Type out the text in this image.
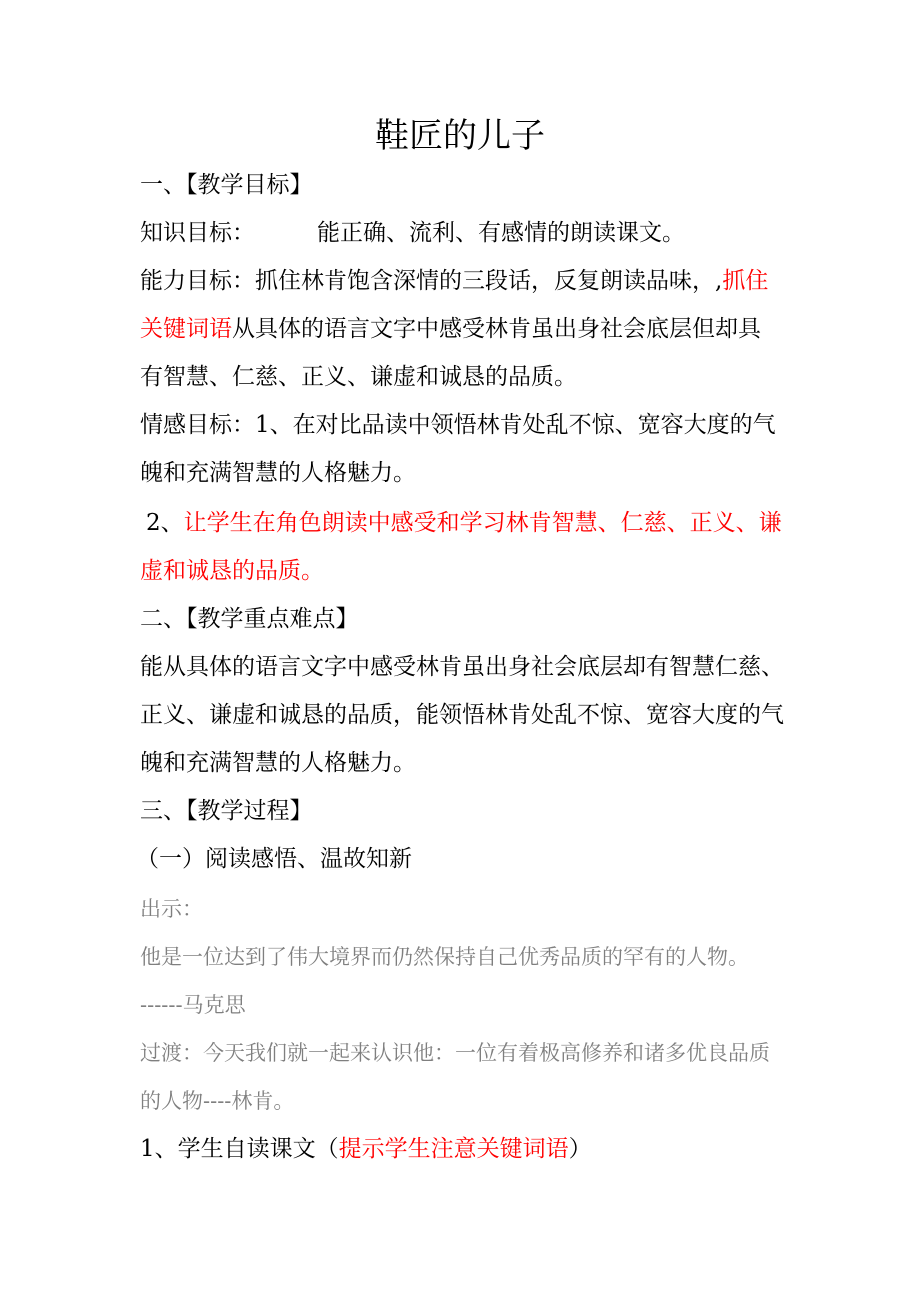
鞋匠的儿子
一、【教学目标】
知识目标：	能正确、流利、有感情的朗读课文。
能力目标：抓住林肯饱含深情的三段话，反复朗读品味，,抓住
关键词语从具体的语言文字中感受林肯虽出身社会底层但却具
有智慧、仁慈、正义、谦虚和诚恳的品质。
情感目标：1、在对比品读中领悟林肯处乱不惊、宽容大度的气
魄和充满智慧的人格魅力。
2、让学生在角色朗读中感受和学习林肯智慧、仁慈、正义、谦
虚和诚恳的品质。
二、【教学重点难点】
能从具体的语言文字中感受林肯虽出身社会底层却有智慧仁慈、
正义、谦虚和诚恳的品质，能领悟林肯处乱不惊、宽容大度的气
魄和充满智慧的人格魅力。
三、【教学过程】
（一）阅读感悟、温故知新
出示：
他是一位达到了伟大境界而仍然保持自己优秀品质的罕有的人物。
------马克思
过渡：今天我们就一起来认识他：一位有着极高修养和诸多优良品质
的人物----林肯。
1、学生自读课文（提示学生注意关键词语）
